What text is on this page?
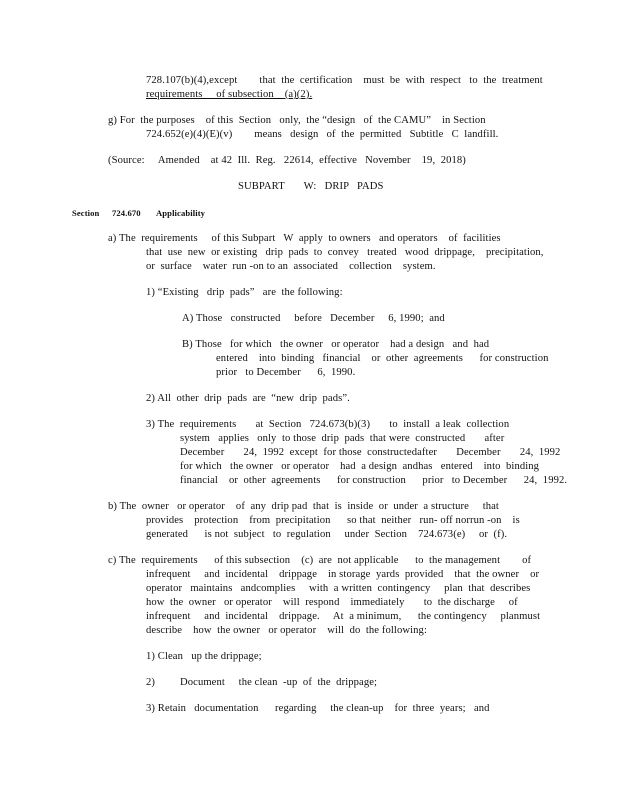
728.107(b)(4),except        that  the  certification    must  be  with  respect   to  the  treatment
requirements     of subsection    (a)(2).
g) For  the purposes    of this  Section   only,  the “design   of  the CAMU”    in Section
724.652(e)(4)(E)(v)        means   design   of  the  permitted   Subtitle   C  landfill.
(Source:     Amended    at 42  Ill.  Reg.   22614,  effective   November    19,  2018)
SUBPART       W:   DRIP   PADS
Section 724.670 Applicability
a) The  requirements     of this Subpart   W  apply  to owners   and operators    of  facilities
that  use  new  or existing   drip  pads  to  convey   treated   wood  drippage,    precipitation,
or  surface    water  run -on to an  associated    collection    system.
1) “Existing   drip  pads”   are  the following:
A) Those   constructed     before   December     6, 1990;  and
B) Those   for which   the owner   or operator    had a design   and  had
entered    into  binding   financial    or  other  agreements      for construction
prior   to December      6,  1990.
2) All  other  drip  pads  are  “new  drip  pads”.
3) The  requirements       at  Section   724.673(b)(3)       to  install  a leak  collection
system   applies   only  to those  drip  pads  that were  constructed       after
December       24,  1992  except  for those  constructedafter       December       24,  1992
for which   the owner   or operator    had  a design  andhas   entered    into  binding
financial    or  other  agreements      for construction      prior   to December      24,  1992.
b) The  owner   or operator    of  any  drip pad  that  is  inside  or  under  a structure     that
provides    protection    from  precipitation      so that  neither   run- off norrun -on    is
generated      is not  subject   to  regulation     under  Section    724.673(e)     or  (f).
c) The  requirements      of this subsection    (c)  are  not applicable      to  the management        of
infrequent     and  incidental    drippage    in storage  yards  provided    that  the owner    or
operator   maintains   andcomplies     with  a written  contingency     plan  that  describes
how  the  owner   or operator    will  respond    immediately       to  the discharge     of
infrequent     and  incidental    drippage.     At  a minimum,      the contingency     planmust
describe    how  the owner   or operator    will  do  the following:
1) Clean   up the drippage;
2) Document     the clean  -up  of  the  drippage;
3) Retain   documentation      regarding     the clean-up    for  three  years;   and
